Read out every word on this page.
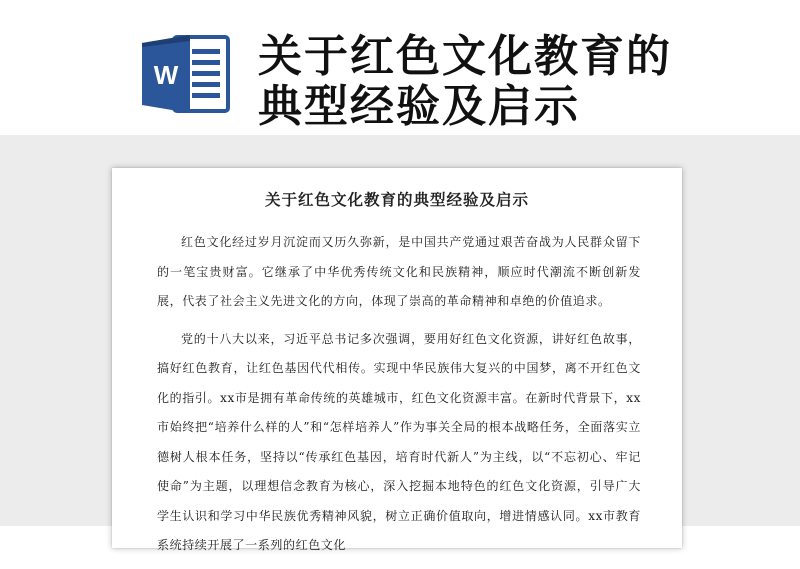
W 关于红色文化教育的
典型经验及启示
关于红色文化教育的典型经验及启示

红色文化经过岁月沉淀而又历久弥新，是中国共产党通过艰苦奋战为人民群众留下的一笔宝贵财富。它继承了中华优秀传统文化和民族精神，顺应时代潮流不断创新发展，代表了社会主义先进文化的方向，体现了崇高的革命精神和卓绝的价值追求。

党的十八大以来，习近平总书记多次强调，要用好红色文化资源，讲好红色故事，搞好红色教育，让红色基因代代相传。实现中华民族伟大复兴的中国梦，离不开红色文化的指引。xx市是拥有革命传统的英雄城市，红色文化资源丰富。在新时代背景下，xx市始终把“培养什么样的人”和“怎样培养人”作为事关全局的根本战略任务，全面落实立德树人根本任务，坚持以“传承红色基因，培育时代新人”为主线，以“不忘初心、牢记使命”为主题，以理想信念教育为核心，深入挖掘本地特色的红色文化资源，引导广大学生认识和学习中华民族优秀精神风貌，树立正确价值取向，增进情感认同。xx市教育系统持续开展了一系列的红色文化
